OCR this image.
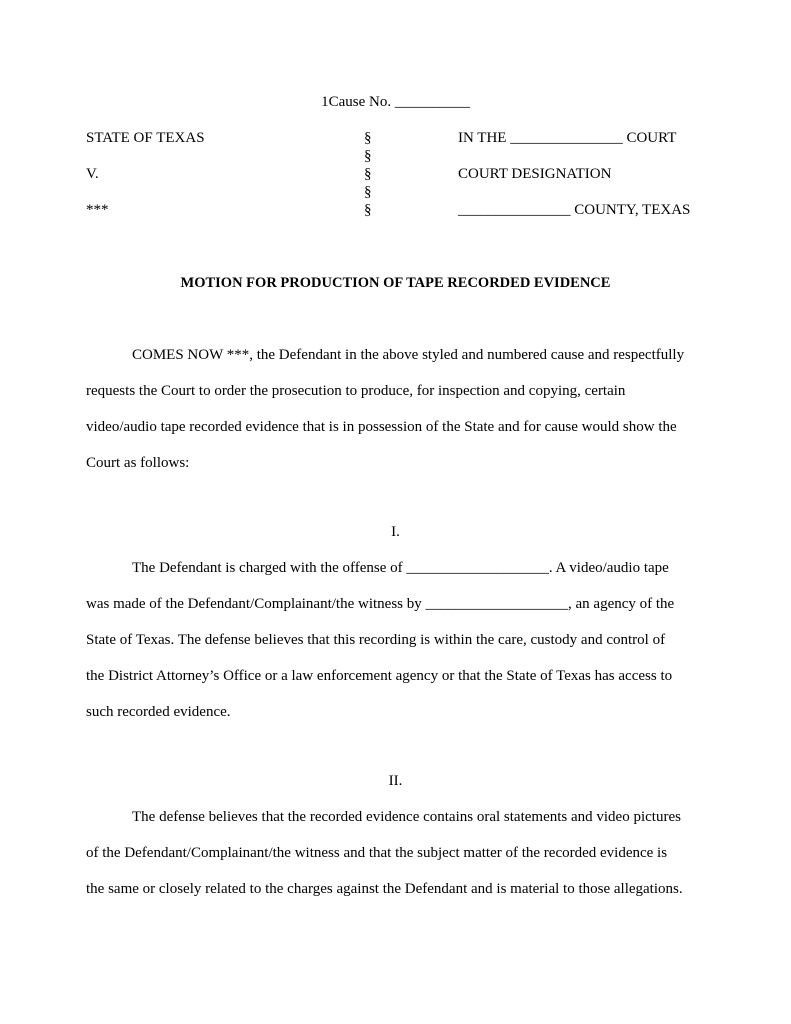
1Cause No. __________
STATE OF TEXAS
V.
***
§
§
§
§
§
IN THE _______________ COURT
COURT DESIGNATION
_______________ COUNTY, TEXAS
MOTION FOR PRODUCTION OF TAPE RECORDED EVIDENCE
COMES NOW ***, the Defendant in the above styled and numbered cause and respectfully
requests the Court to order the prosecution to produce, for inspection and copying, certain
video/audio tape recorded evidence that is in possession of the State and for cause would show the
Court as follows:
I.
The Defendant is charged with the offense of ___________________. A video/audio tape
was made of the Defendant/Complainant/the witness by ___________________, an agency of the
State of Texas. The defense believes that this recording is within the care, custody and control of
the District Attorney’s Office or a law enforcement agency or that the State of Texas has access to
such recorded evidence.
II.
The defense believes that the recorded evidence contains oral statements and video pictures
of the Defendant/Complainant/the witness and that the subject matter of the recorded evidence is
the same or closely related to the charges against the Defendant and is material to those allegations.
